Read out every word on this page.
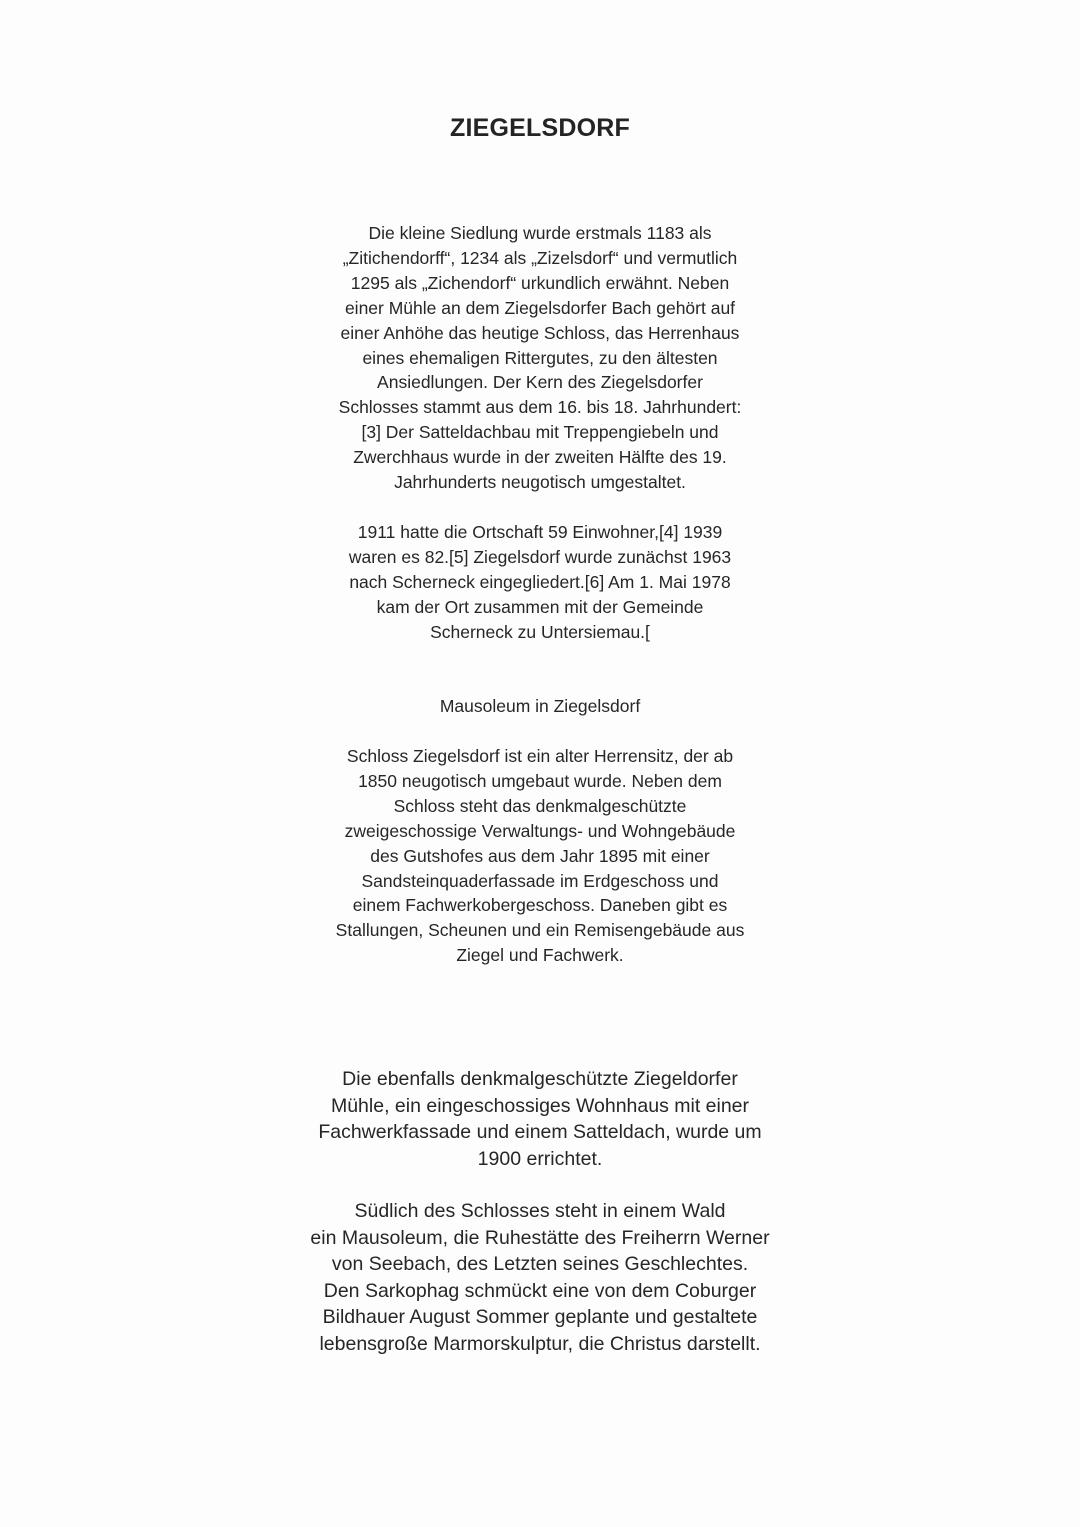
ZIEGELSDORF

Die kleine Siedlung wurde erstmals 1183 als
„Zitichendorff“, 1234 als „Zizelsdorf“ und vermutlich
1295 als „Zichendorf“ urkundlich erwähnt. Neben
einer Mühle an dem Ziegelsdorfer Bach gehört auf
einer Anhöhe das heutige Schloss, das Herrenhaus
eines ehemaligen Rittergutes, zu den ältesten
Ansiedlungen. Der Kern des Ziegelsdorfer
Schlosses stammt aus dem 16. bis 18. Jahrhundert:
[3] Der Satteldachbau mit Treppengiebeln und
Zwerchhaus wurde in der zweiten Hälfte des 19.
Jahrhunderts neugotisch umgestaltet.

1911 hatte die Ortschaft 59 Einwohner,[4] 1939
waren es 82.[5] Ziegelsdorf wurde zunächst 1963
nach Scherneck eingegliedert.[6] Am 1. Mai 1978
kam der Ort zusammen mit der Gemeinde
Scherneck zu Untersiemau.[

Mausoleum in Ziegelsdorf

Schloss Ziegelsdorf ist ein alter Herrensitz, der ab
1850 neugotisch umgebaut wurde. Neben dem
Schloss steht das denkmalgeschützte
zweigeschossige Verwaltungs- und Wohngebäude
des Gutshofes aus dem Jahr 1895 mit einer
Sandsteinquaderfassade im Erdgeschoss und
einem Fachwerkobergeschoss. Daneben gibt es
Stallungen, Scheunen und ein Remisengebäude aus
Ziegel und Fachwerk.

Die ebenfalls denkmalgeschützte Ziegeldorfer
Mühle, ein eingeschossiges Wohnhaus mit einer
Fachwerkfassade und einem Satteldach, wurde um
1900 errichtet.

Südlich des Schlosses steht in einem Wald
ein Mausoleum, die Ruhestätte des Freiherrn Werner
von Seebach, des Letzten seines Geschlechtes.
Den Sarkophag schmückt eine von dem Coburger
Bildhauer August Sommer geplante und gestaltete
lebensgroße Marmorskulptur, die Christus darstellt.
